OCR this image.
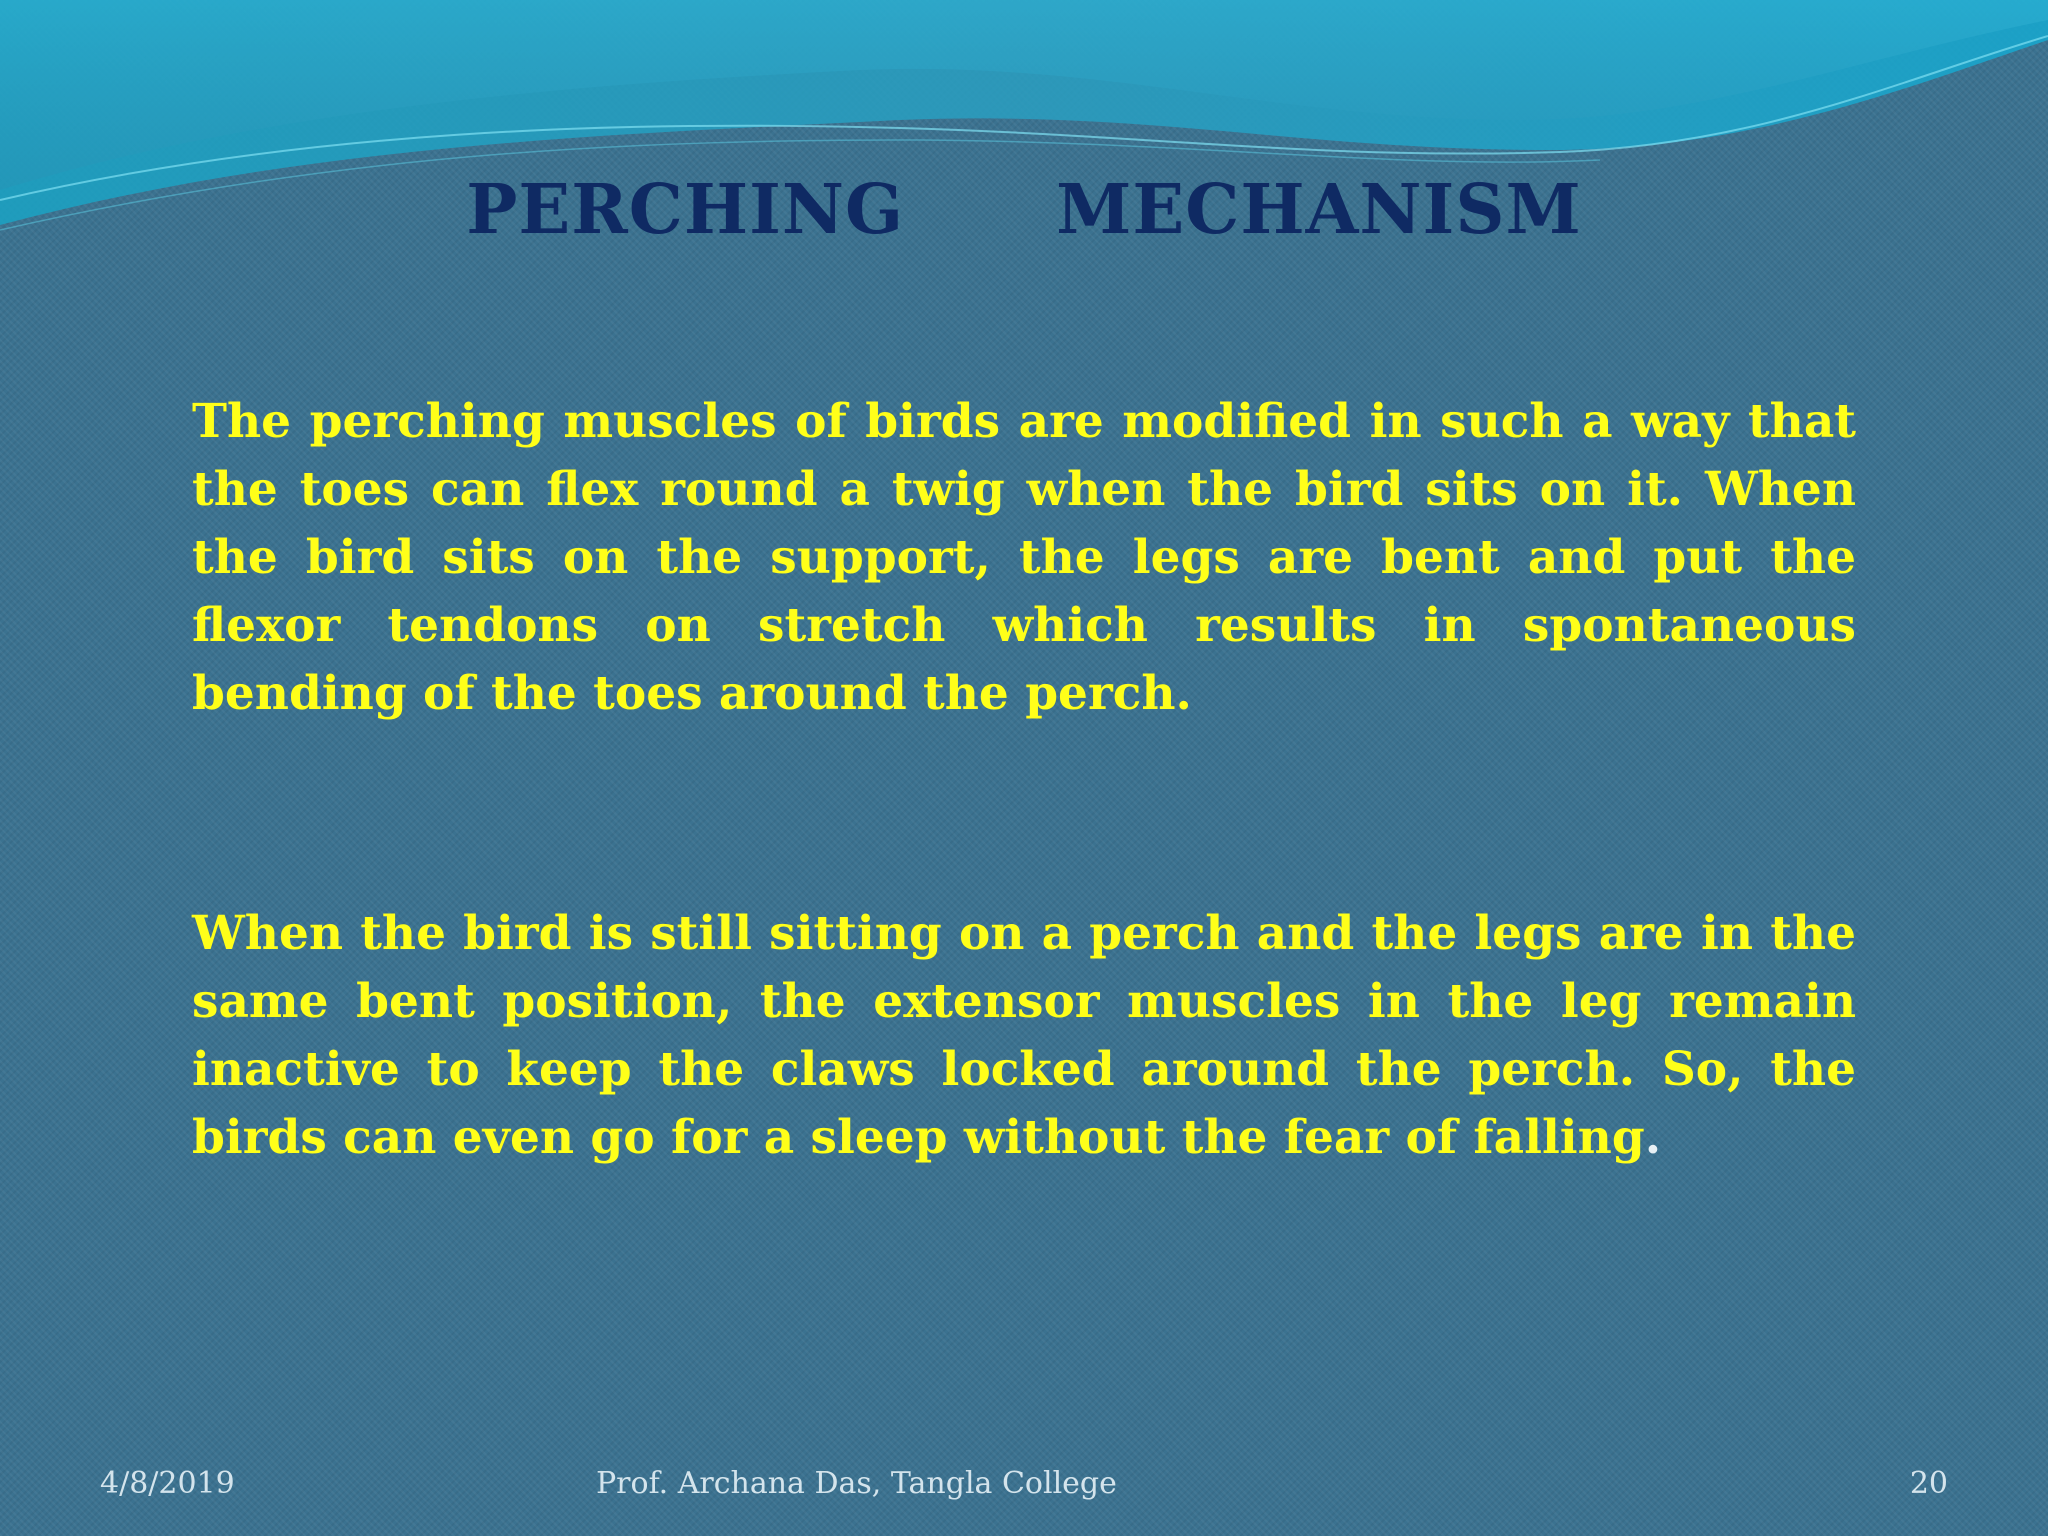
PERCHING   MECHANISM
The perching muscles of birds are modified in such a way that the toes can flex round a twig when the bird sits on it. When the bird sits on the support, the legs are bent and put the flexor tendons on stretch which results in spontaneous bending of the toes around the perch.
When the bird is still sitting on a perch and the legs are in the same bent position, the extensor muscles in the leg remain inactive to keep the claws locked around the perch. So, the birds can even go for a sleep without the fear of falling.
4/8/2019	Prof. Archana Das, Tangla College	20
